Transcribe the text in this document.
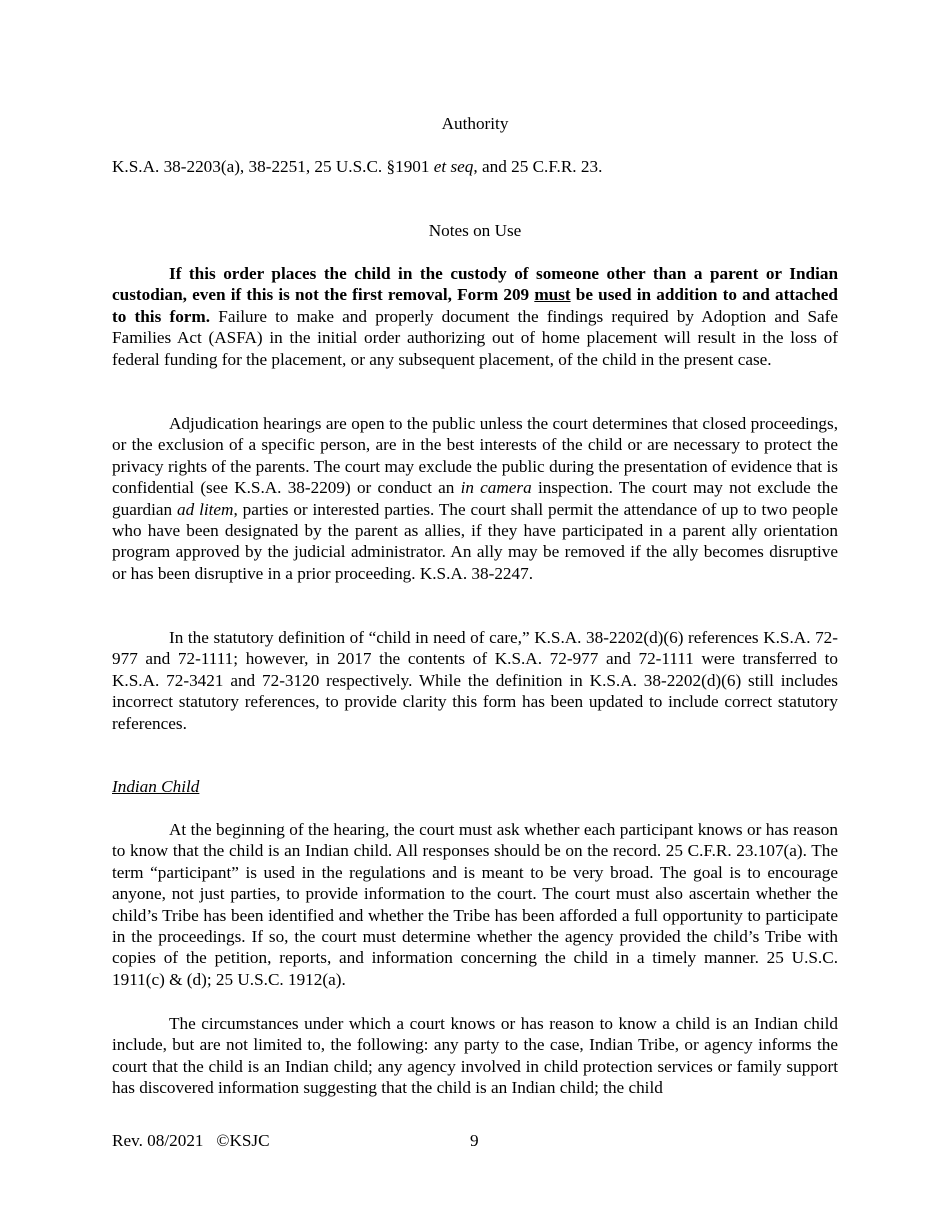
Authority
K.S.A. 38-2203(a), 38-2251, 25 U.S.C. §1901 et seq, and 25 C.F.R. 23.
Notes on Use
If this order places the child in the custody of someone other than a parent or Indian custodian, even if this is not the first removal, Form 209 must be used in addition to and attached to this form. Failure to make and properly document the findings required by Adoption and Safe Families Act (ASFA) in the initial order authorizing out of home placement will result in the loss of federal funding for the placement, or any subsequent placement, of the child in the present case.
Adjudication hearings are open to the public unless the court determines that closed proceedings, or the exclusion of a specific person, are in the best interests of the child or are necessary to protect the privacy rights of the parents. The court may exclude the public during the presentation of evidence that is confidential (see K.S.A. 38-2209) or conduct an in camera inspection. The court may not exclude the guardian ad litem, parties or interested parties. The court shall permit the attendance of up to two people who have been designated by the parent as allies, if they have participated in a parent ally orientation program approved by the judicial administrator. An ally may be removed if the ally becomes disruptive or has been disruptive in a prior proceeding. K.S.A. 38-2247.
In the statutory definition of “child in need of care,” K.S.A. 38-2202(d)(6) references K.S.A. 72-977 and 72-1111; however, in 2017 the contents of K.S.A. 72-977 and 72-1111 were transferred to K.S.A. 72-3421 and 72-3120 respectively. While the definition in K.S.A. 38-2202(d)(6) still includes incorrect statutory references, to provide clarity this form has been updated to include correct statutory references.
Indian Child
At the beginning of the hearing, the court must ask whether each participant knows or has reason to know that the child is an Indian child. All responses should be on the record. 25 C.F.R. 23.107(a). The term “participant” is used in the regulations and is meant to be very broad. The goal is to encourage anyone, not just parties, to provide information to the court. The court must also ascertain whether the child’s Tribe has been identified and whether the Tribe has been afforded a full opportunity to participate in the proceedings. If so, the court must determine whether the agency provided the child’s Tribe with copies of the petition, reports, and information concerning the child in a timely manner. 25 U.S.C. 1911(c) & (d); 25 U.S.C. 1912(a).
The circumstances under which a court knows or has reason to know a child is an Indian child include, but are not limited to, the following: any party to the case, Indian Tribe, or agency informs the court that the child is an Indian child; any agency involved in child protection services or family support has discovered information suggesting that the child is an Indian child; the child
Rev. 08/2021 ©KSJC	9
